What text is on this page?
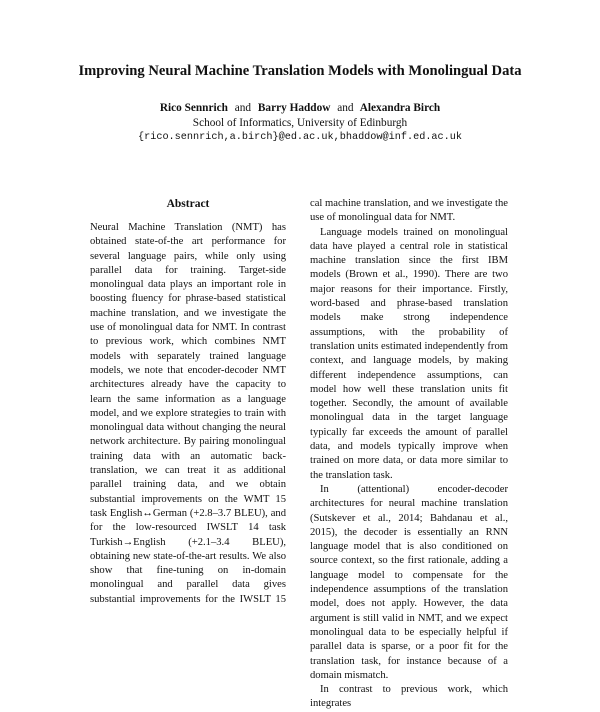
Improving Neural Machine Translation Models with Monolingual Data
Rico Sennrich and Barry Haddow and Alexandra Birch
School of Informatics, University of Edinburgh
{rico.sennrich,a.birch}@ed.ac.uk,bhaddow@inf.ed.ac.uk
Abstract

Neural Machine Translation (NMT) has obtained state-of-the art performance for several language pairs, while only using parallel data for training. Target-side monolingual data plays an important role in boosting fluency for phrase-based statistical machine translation, and we investigate the use of monolingual data for NMT. In contrast to previous work, which combines NMT models with separately trained language models, we note that encoder-decoder NMT architectures already have the capacity to learn the same information as a language model, and we explore strategies to train with monolingual data without changing the neural network architecture. By pairing monolingual training data with an automatic back-translation, we can treat it as additional parallel training data, and we obtain substantial improvements on the WMT 15 task English↔German (+2.8–3.7 BLEU), and for the low-resourced IWSLT 14 task Turkish→English (+2.1–3.4 BLEU), obtaining new state-of-the-art results. We also show that fine-tuning on in-domain monolingual and parallel data gives substantial improvements for the IWSLT 15

cal machine translation, and we investigate the use of monolingual data for NMT.

Language models trained on monolingual data have played a central role in statistical machine translation since the first IBM models (Brown et al., 1990). There are two major reasons for their importance. Firstly, word-based and phrase-based translation models make strong independence assumptions, with the probability of translation units estimated independently from context, and language models, by making different independence assumptions, can model how well these translation units fit together. Secondly, the amount of available monolingual data in the target language typically far exceeds the amount of parallel data, and models typically improve when trained on more data, or data more similar to the translation task.

In (attentional) encoder-decoder architectures for neural machine translation (Sutskever et al., 2014; Bahdanau et al., 2015), the decoder is essentially an RNN language model that is also conditioned on source context, so the first rationale, adding a language model to compensate for the independence assumptions of the translation model, does not apply. However, the data argument is still valid in NMT, and we expect monolingual data to be especially helpful if parallel data is sparse, or a poor fit for the translation task, for instance because of a domain mismatch.

In contrast to previous work, which integrates
